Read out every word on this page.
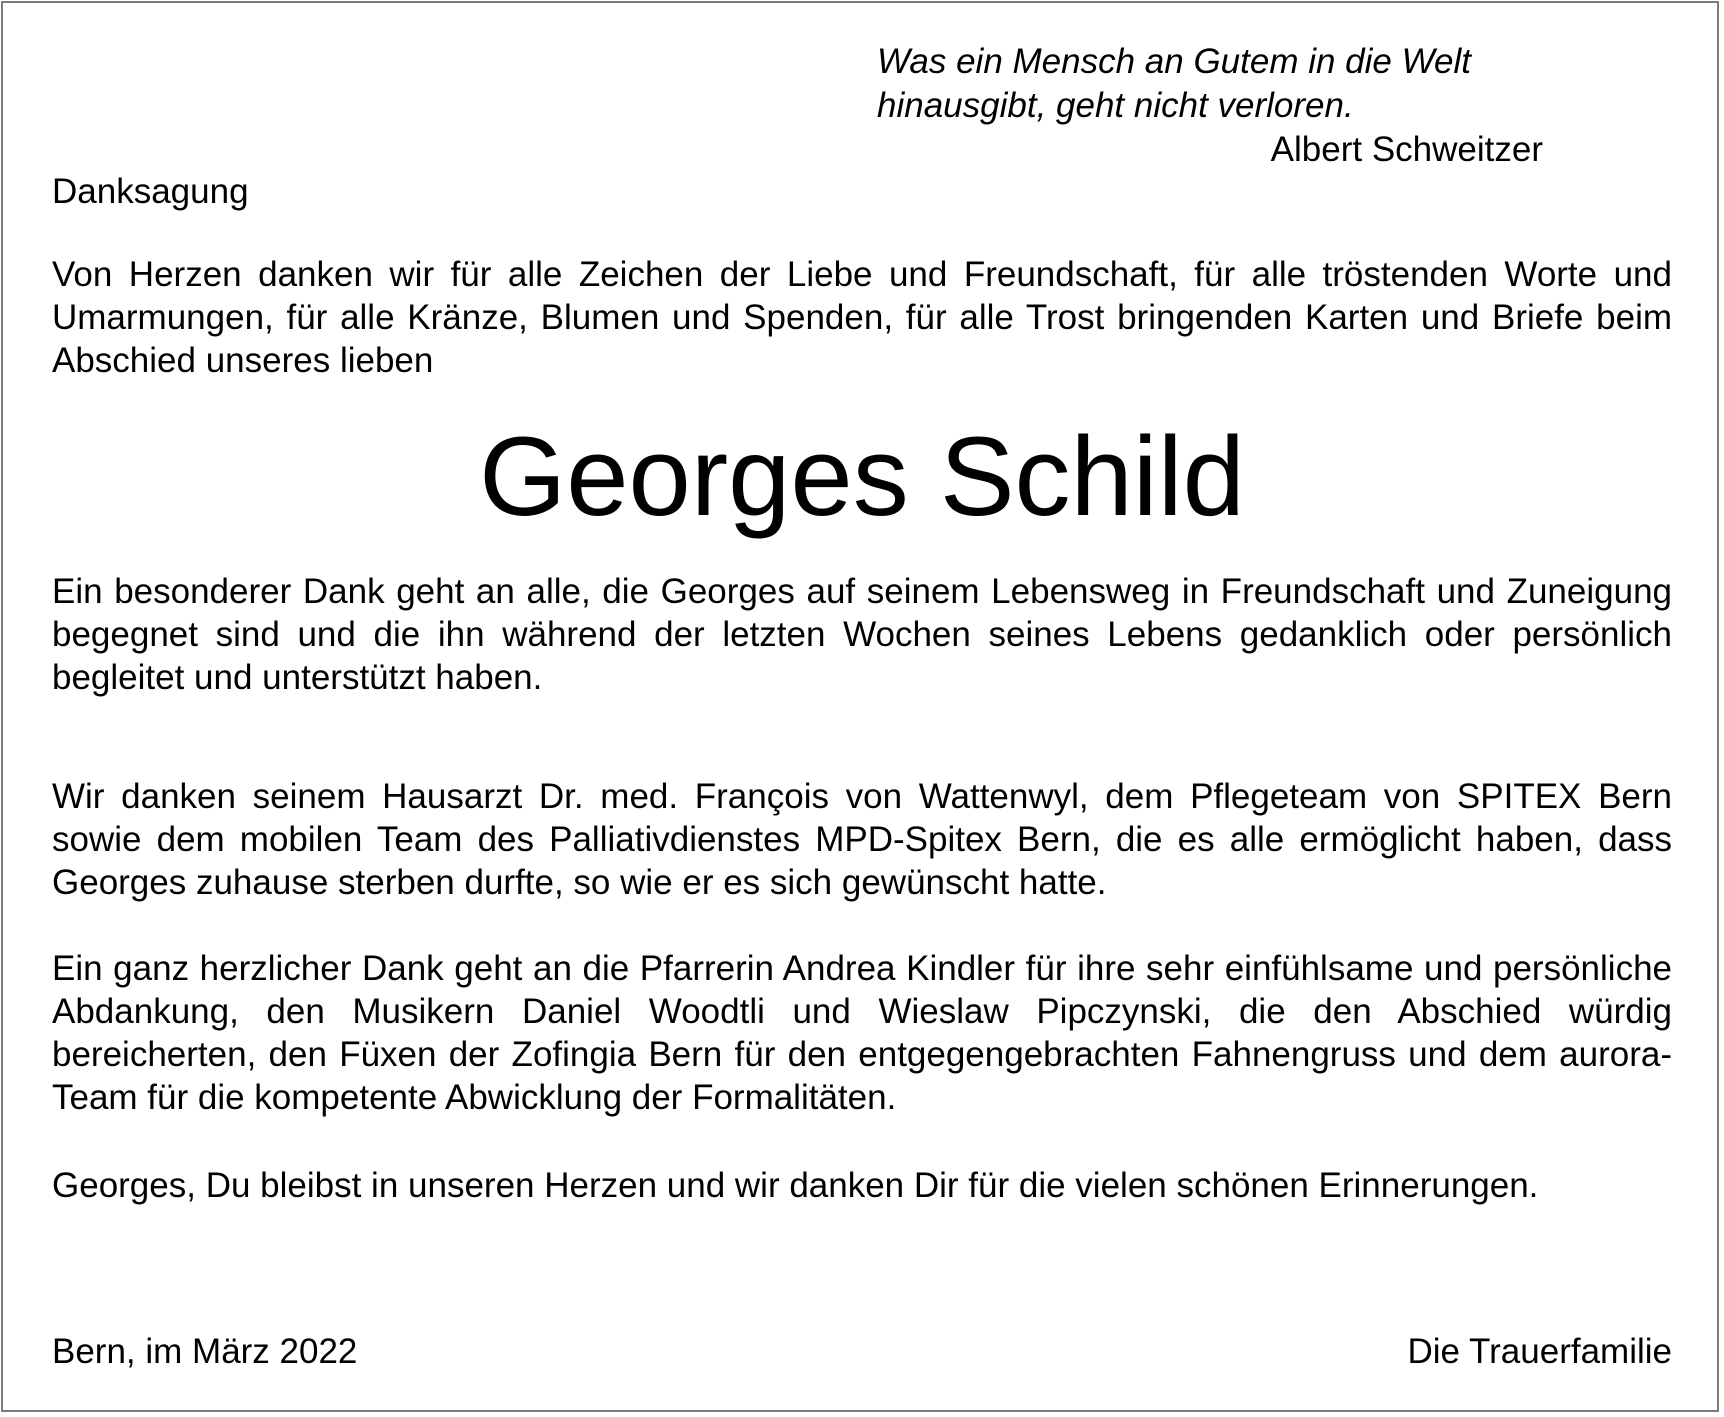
Was ein Mensch an Gutem in die Welt hinausgibt, geht nicht verloren.

Albert Schweitzer

Danksagung

Von Herzen danken wir für alle Zeichen der Liebe und Freundschaft, für alle tröstenden Worte und Umarmungen, für alle Kränze, Blumen und Spenden, für alle Trost bringenden Karten und Briefe beim Abschied unseres lieben

Georges Schild

Ein besonderer Dank geht an alle, die Georges auf seinem Lebensweg in Freundschaft und Zuneigung begegnet sind und die ihn während der letzten Wochen seines Lebens gedanklich oder persönlich begleitet und unterstützt haben.

Wir danken seinem Hausarzt Dr. med. François von Wattenwyl, dem Pflegeteam von SPITEX Bern sowie dem mobilen Team des Palliativdienstes MPD-Spitex Bern, die es alle ermöglicht haben, dass Georges zuhause sterben durfte, so wie er es sich gewünscht hatte.

Ein ganz herzlicher Dank geht an die Pfarrerin Andrea Kindler für ihre sehr einfühlsame und persönliche Abdankung, den Musikern Daniel Woodtli und Wieslaw Pipczynski, die den Abschied würdig bereicherten, den Füxen der Zofingia Bern für den entgegengebrachten Fahnengruss und dem aurora-Team für die kompetente Abwicklung der Formalitäten.

Georges, Du bleibst in unseren Herzen und wir danken Dir für die vielen schönen Erinnerungen.

Bern, im März 2022	Die Trauerfamilie
